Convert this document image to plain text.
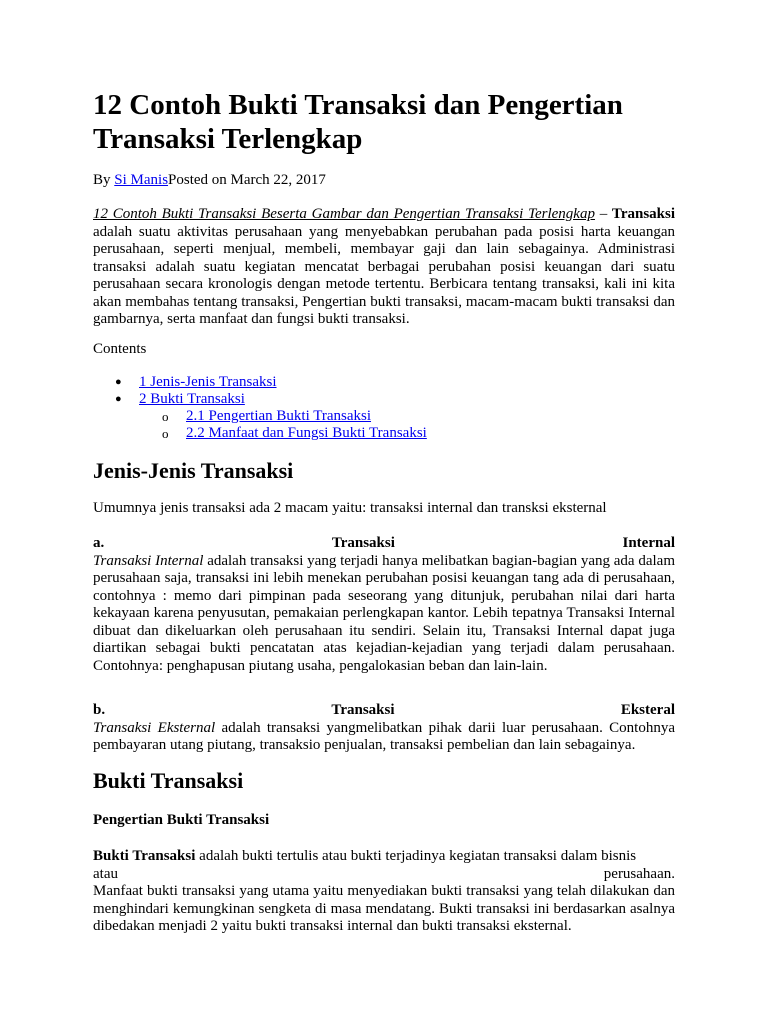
12 Contoh Bukti Transaksi dan Pengertian Transaksi Terlengkap
By Si ManisPosted on March 22, 2017
12 Contoh Bukti Transaksi Beserta Gambar dan Pengertian Transaksi Terlengkap – Transaksi adalah suatu aktivitas perusahaan yang menyebabkan perubahan pada posisi harta keuangan perusahaan, seperti menjual, membeli, membayar gaji dan lain sebagainya. Administrasi transaksi adalah suatu kegiatan mencatat berbagai perubahan posisi keuangan dari suatu perusahaan secara kronologis dengan metode tertentu. Berbicara tentang transaksi, kali ini kita akan membahas tentang transaksi, Pengertian bukti transaksi, macam-macam bukti transaksi dan gambarnya, serta manfaat dan fungsi bukti transaksi.
Contents
● 1 Jenis-Jenis Transaksi
● 2 Bukti Transaksi
o 2.1 Pengertian Bukti Transaksi
o 2.2 Manfaat dan Fungsi Bukti Transaksi
Jenis-Jenis Transaksi
Umumnya jenis transaksi ada 2 macam yaitu: transaksi internal dan transksi eksternal
a.	Transaksi	Internal
Transaksi Internal adalah transaksi yang terjadi hanya melibatkan bagian-bagian yang ada dalam perusahaan saja, transaksi ini lebih menekan perubahan posisi keuangan tang ada di perusahaan, contohnya : memo dari pimpinan pada seseorang yang ditunjuk, perubahan nilai dari harta kekayaan karena penyusutan, pemakaian perlengkapan kantor. Lebih tepatnya Transaksi Internal dibuat dan dikeluarkan oleh perusahaan itu sendiri. Selain itu, Transaksi Internal dapat juga diartikan sebagai bukti pencatatan atas kejadian-kejadian yang terjadi dalam perusahaan. Contohnya: penghapusan piutang usaha, pengalokasian beban dan lain-lain.
b.	Transaksi	Eksteral
Transaksi Eksternal adalah transaksi yangmelibatkan pihak darii luar perusahaan. Contohnya pembayaran utang piutang, transaksio penjualan, transaksi pembelian dan lain sebagainya.
Bukti Transaksi
Pengertian Bukti Transaksi
Bukti Transaksi adalah bukti tertulis atau bukti terjadinya kegiatan transaksi dalam bisnis
atau	perusahaan.
Manfaat bukti transaksi yang utama yaitu menyediakan bukti transaksi yang telah dilakukan dan menghindari kemungkinan sengketa di masa mendatang. Bukti transaksi ini berdasarkan asalnya dibedakan menjadi 2 yaitu bukti transaksi internal dan bukti transaksi eksternal.
